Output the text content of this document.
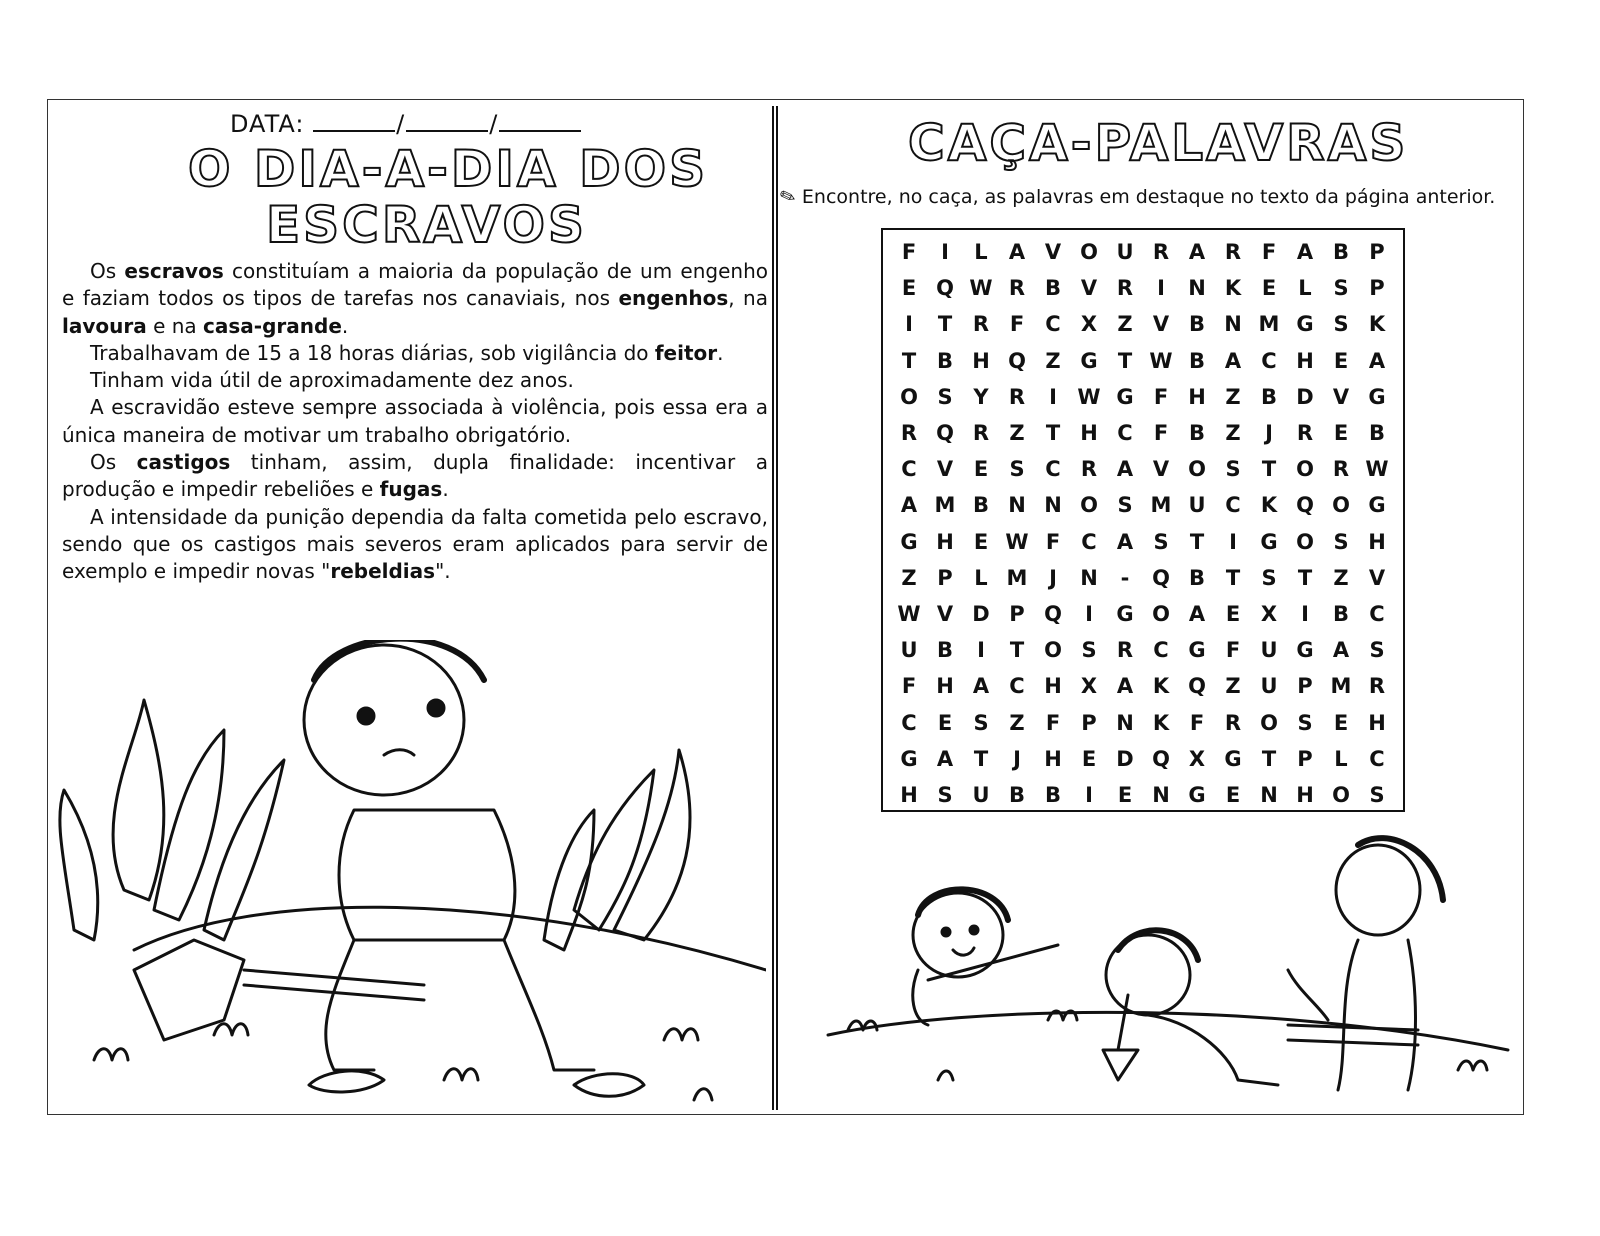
DATA:	/	/
O DIA-A-DIA DOS
ESCRAVOS

Os escravos constituíam a maioria da população de um engenho e faziam todos os tipos de tarefas nos canaviais, nos engenhos, na lavoura e na casa-grande.

Trabalhavam de 15 a 18 horas diárias, sob vigilância do feitor.

Tinham vida útil de aproximadamente dez anos.

A escravidão esteve sempre associada à violência, pois essa era a única maneira de motivar um trabalho obrigatório.

Os castigos tinham, assim, dupla finalidade: incentivar a produção e impedir rebeliões e fugas.

A intensidade da punição dependia da falta cometida pelo escravo, sendo que os castigos mais severos eram aplicados para servir de exemplo e impedir novas "rebeldias".

CAÇA-PALAVRAS
✎ Encontre, no caça, as palavras em destaque no texto da página anterior.
F	I	L	A V O U R A R F A B P
E Q W R B V R	I	N K E	L	S P
I	T R F	C X Z V B N M G S K
T B H Q Z G T W B A C H E A
O S Y R	I W G F H Z B D V G
R Q R Z	T H C	F B Z	J	R E B
C V E	S C R A V O S	T O R W
A M B N N O S M U C K Q O G
G H E W F	C A S	T	I	G O S H
Z P	L M	J	N	-	Q B T	S	T	Z V
W V D P Q	I	G O A E X	I	B C
U B	I	T O S R C G F U G A S
F H A C H X A K Q Z U P M R
C	E	S Z	F	P N K F R O S	E H
G A T	J	H E D Q X G T	P	L	C
H S U B B	I	E N G E N H O S
